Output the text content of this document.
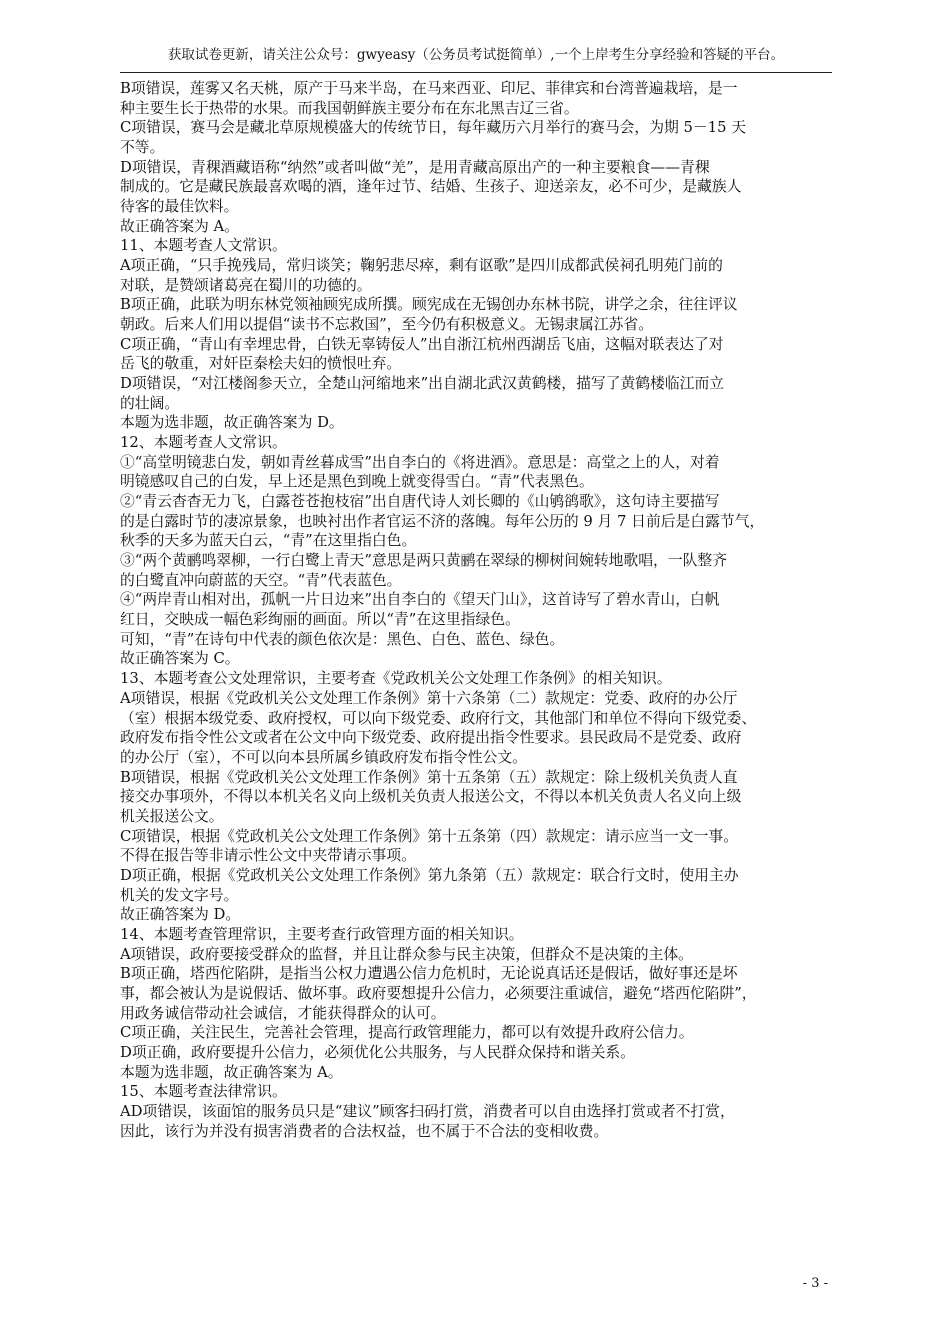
获取试卷更新，请关注公众号：gwyeasy（公务员考试挺简单）,一个上岸考生分享经验和答疑的平台。
B项错误，莲雾又名天桃，原产于马来半岛，在马来西亚、印尼、菲律宾和台湾普遍栽培，是一
种主要生长于热带的水果。而我国朝鲜族主要分布在东北黑吉辽三省。
C项错误，赛马会是藏北草原规模盛大的传统节日，每年藏历六月举行的赛马会，为期 5－15 天
不等。
D项错误，青稞酒藏语称“纳然”或者叫做“羌”，是用青藏高原出产的一种主要粮食——青稞
制成的。它是藏民族最喜欢喝的酒，逢年过节、结婚、生孩子、迎送亲友，必不可少，是藏族人
待客的最佳饮料。
故正确答案为 A。
11、本题考查人文常识。
A项正确，“只手挽残局，常归谈笑；鞠躬悲尽瘁，剩有讴歌”是四川成都武侯祠孔明苑门前的
对联，是赞颂诸葛亮在蜀川的功德的。
B项正确，此联为明东林党领袖顾宪成所撰。顾宪成在无锡创办东林书院，讲学之余，往往评议
朝政。后来人们用以提倡“读书不忘救国”，至今仍有积极意义。无锡隶属江苏省。
C项正确，“青山有幸埋忠骨，白铁无辜铸佞人”出自浙江杭州西湖岳飞庙，这幅对联表达了对
岳飞的敬重，对奸臣秦桧夫妇的愤恨吐弃。
D项错误，“对江楼阁参天立，全楚山河缩地来”出自湖北武汉黄鹤楼，描写了黄鹤楼临江而立
的壮阔。
本题为选非题，故正确答案为 D。
12、本题考查人文常识。
①“高堂明镜悲白发，朝如青丝暮成雪”出自李白的《将进酒》。意思是：高堂之上的人，对着
明镜感叹自己的白发，早上还是黑色到晚上就变得雪白。“青”代表黑色。
②“青云杳杳无力飞，白露苍苍抱枝宿”出自唐代诗人刘长卿的《山鸲鹆歌》，这句诗主要描写
的是白露时节的凄凉景象，也映衬出作者官运不济的落魄。每年公历的 9 月 7 日前后是白露节气，
秋季的天多为蓝天白云，“青”在这里指白色。
③“两个黄鹂鸣翠柳，一行白鹭上青天”意思是两只黄鹂在翠绿的柳树间婉转地歌唱，一队整齐
的白鹭直冲向蔚蓝的天空。“青”代表蓝色。
④“两岸青山相对出，孤帆一片日边来”出自李白的《望天门山》，这首诗写了碧水青山，白帆
红日，交映成一幅色彩绚丽的画面。所以“青”在这里指绿色。
可知，“青”在诗句中代表的颜色依次是：黑色、白色、蓝色、绿色。
故正确答案为 C。
13、本题考查公文处理常识，主要考查《党政机关公文处理工作条例》的相关知识。
A项错误，根据《党政机关公文处理工作条例》第十六条第（二）款规定：党委、政府的办公厅
（室）根据本级党委、政府授权，可以向下级党委、政府行文，其他部门和单位不得向下级党委、
政府发布指令性公文或者在公文中向下级党委、政府提出指令性要求。县民政局不是党委、政府
的办公厅（室），不可以向本县所属乡镇政府发布指令性公文。
B项错误，根据《党政机关公文处理工作条例》第十五条第（五）款规定：除上级机关负责人直
接交办事项外，不得以本机关名义向上级机关负责人报送公文，不得以本机关负责人名义向上级
机关报送公文。
C项错误，根据《党政机关公文处理工作条例》第十五条第（四）款规定：请示应当一文一事。
不得在报告等非请示性公文中夹带请示事项。
D项正确，根据《党政机关公文处理工作条例》第九条第（五）款规定：联合行文时，使用主办
机关的发文字号。
故正确答案为 D。
14、本题考查管理常识，主要考查行政管理方面的相关知识。
A项错误，政府要接受群众的监督，并且让群众参与民主决策，但群众不是决策的主体。
B项正确，塔西佗陷阱，是指当公权力遭遇公信力危机时，无论说真话还是假话，做好事还是坏
事，都会被认为是说假话、做坏事。政府要想提升公信力，必须要注重诚信，避免“塔西佗陷阱”，
用政务诚信带动社会诚信，才能获得群众的认可。
C项正确，关注民生，完善社会管理，提高行政管理能力，都可以有效提升政府公信力。
D项正确，政府要提升公信力，必须优化公共服务，与人民群众保持和谐关系。
本题为选非题，故正确答案为 A。
15、本题考查法律常识。
AD项错误，该面馆的服务员只是“建议”顾客扫码打赏，消费者可以自由选择打赏或者不打赏，
因此，该行为并没有损害消费者的合法权益，也不属于不合法的变相收费。
- 3 -
